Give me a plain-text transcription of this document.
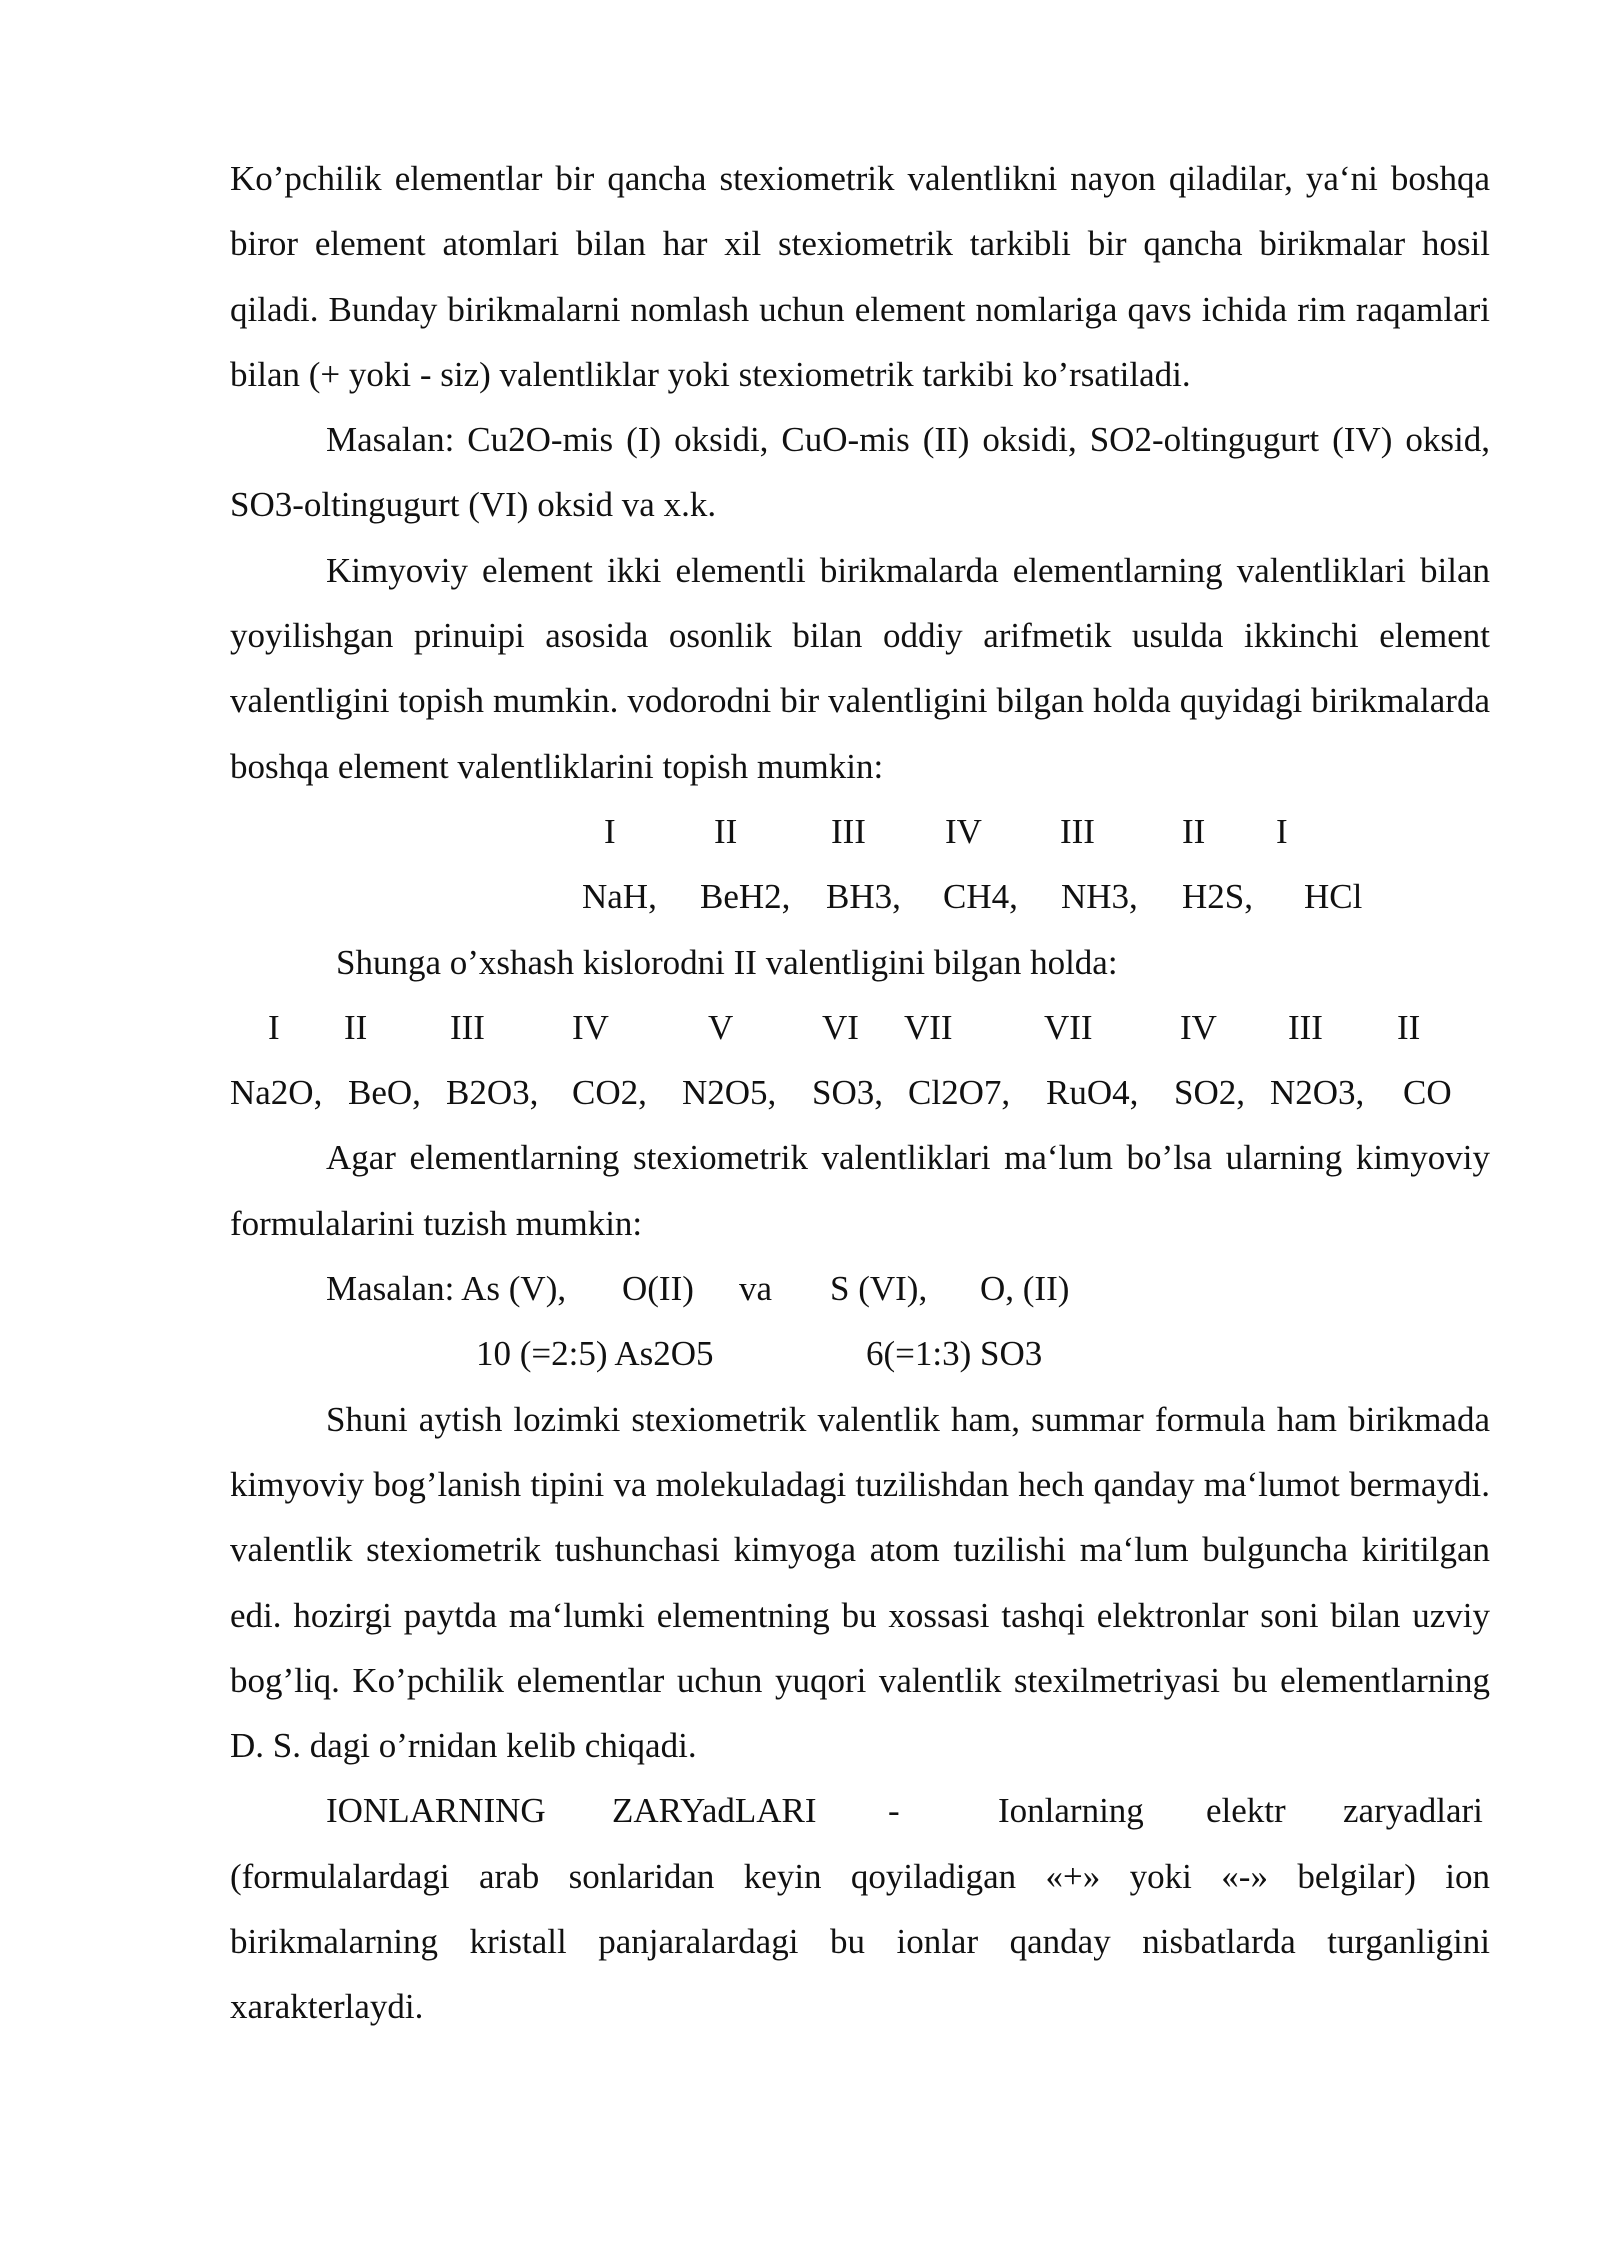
Ko’pchilik elementlar bir qancha stexiometrik valentlikni nayon qiladilar, ya‘ni boshqa biror element atomlari bilan har xil stexiometrik tarkibli bir qancha birikmalar hosil qiladi. Bunday birikmalarni nomlash uchun element nomlariga qavs ichida rim raqamlari bilan (+ yoki - siz) valentliklar yoki stexiometrik tarkibi ko’rsatiladi.

Masalan: Cu2O-mis (I) oksidi, CuO-mis (II) oksidi, SO2-oltingugurt (IV) oksid, SO3-oltingugurt (VI) oksid va x.k.

Kimyoviy element ikki elementli birikmalarda elementlarning valentliklari bilan yoyilishgan prinuipi asosida osonlik bilan oddiy arifmetik usulda ikkinchi element valentligini topish mumkin. vodorodni bir valentligini bilgan holda quyidagi birikmalarda boshqa element valentliklarini topish mumkin:

I	II	III IV III II I
NaH, BeH2, BH3, CH4, NH3, H2S, HCl
Shunga o’xshash kislorodni II valentligini bilgan holda:
I II III IV	V	VI VII	VII IV III II
Na2O, BeO, B2O3, CO2, N2O5, SO3, Cl2O7, RuO4, SO2, N2O3, CO

Agar elementlarning stexiometrik valentliklari ma‘lum bo’lsa ularning kimyoviy formulalarini tuzish mumkin:

Masalan: As (V), O(II) va S (VI), O, (II)
10 (=2:5) As2O5	6(=1:3) SO3

Shuni aytish lozimki stexiometrik valentlik ham, summar formula ham birikmada kimyoviy bog’lanish tipini va molekuladagi tuzilishdan hech qanday ma‘lumot bermaydi. valentlik stexiometrik tushunchasi kimyoga atom tuzilishi ma‘lum bulguncha kiritilgan edi. hozirgi paytda ma‘lumki elementning bu xossasi tashqi elektronlar soni bilan uzviy bog’liq. Ko’pchilik elementlar uchun yuqori valentlik stexilmetriyasi bu elementlarning D. S. dagi o’rnidan kelib chiqadi.

IONLARNING ZARYadLARI -	Ionlarning elektr zaryadlari

(formulalardagi arab sonlaridan keyin qoyiladigan «+» yoki «-» belgilar) ion birikmalarning kristall panjaralardagi bu ionlar qanday nisbatlarda turganligini xarakterlaydi.
